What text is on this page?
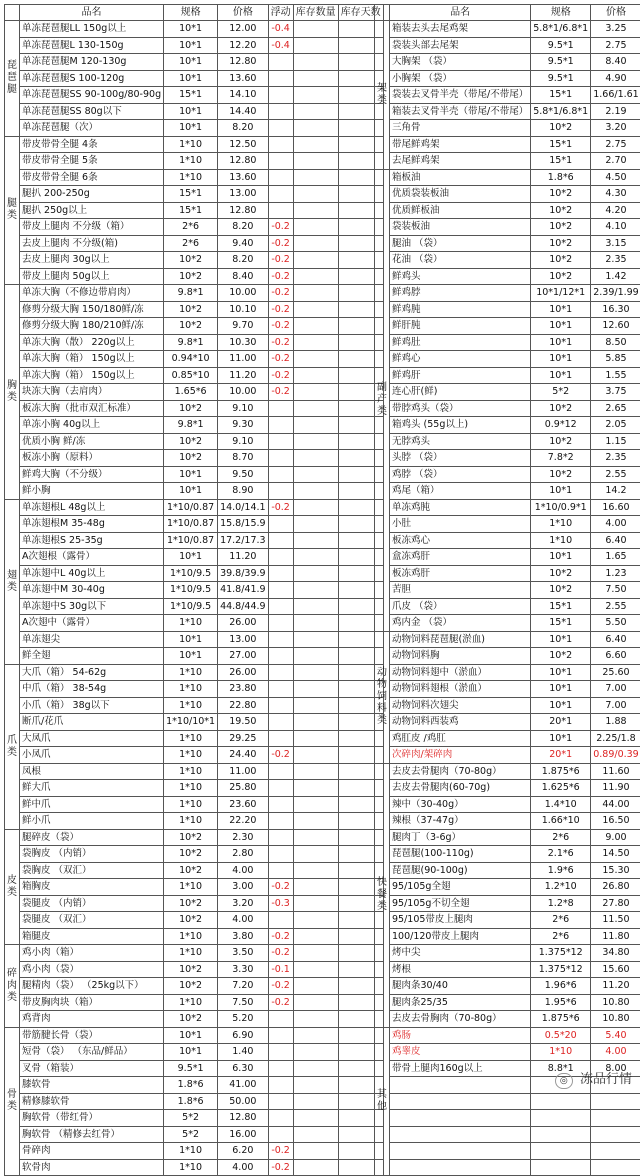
	品名	规格	价格	浮动	库存数量	库存天数
琵琶腿	单冻琵琶腿LL 150g以上	10*1	12.00	-0.4		
	单冻琵琶腿L 130-150g	10*1	12.20	-0.4		
	单冻琵琶腿M 120-130g	10*1	12.80			
	单冻琵琶腿S 100-120g	10*1	13.60			
	单冻琵琶腿SS 90-100g/80-90g	15*1	14.10			
	单冻琵琶腿SS 80g以下	10*1	14.40			
	单冻琵琶腿（次）	10*1	8.20			
腿类	带皮带骨全腿 4条	1*10	12.50			
	带皮带骨全腿 5条	1*10	12.80			
	带皮带骨全腿 6条	1*10	13.60			
	腿扒 200-250g	15*1	13.00			
	腿扒 250g以上	15*1	12.80			
	带皮上腿肉 不分级（箱）	2*6	8.20	-0.2		
	去皮上腿肉 不分级(箱)	2*6	9.40	-0.2		
	去皮上腿肉 30g以上	10*2	8.20	-0.2		
	带皮上腿肉 50g以上	10*2	8.40	-0.2		
胸类	单冻大胸（不修边带肩肉）	9.8*1	10.00	-0.2		
	修剪分级大胸 150/180鲜/冻	10*2	10.10	-0.2		
	修剪分级大胸 180/210鲜/冻	10*2	9.70	-0.2		
	单冻大胸（散） 220g以上	9.8*1	10.30	-0.2		
	单冻大胸（箱） 150g以上	0.94*10	11.00	-0.2		
	单冻大胸（箱） 150g以上	0.85*10	11.20	-0.2		
	块冻大胸（去肩肉）	1.65*6	10.00	-0.2		
	板冻大胸（批市双汇标准）	10*2	9.10			
	单冻小胸 40g以上	9.8*1	9.30			
	优质小胸 鲜/冻	10*2	9.10			
	板冻小胸（原料）	10*2	8.70			
	鲜鸡大胸（不分级）	10*1	9.50			
	鲜小胸	10*1	8.90			
翅类	单冻翅根L 48g以上	1*10/0.87	14.0/14.1	-0.2		
	单冻翅根M 35-48g	1*10/0.87	15.8/15.9			
	单冻翅根S 25-35g	1*10/0.87	17.2/17.3			
	A次翅根（露骨）	10*1	11.20			
	单冻翅中L 40g以上	1*10/9.5	39.8/39.9			
	单冻翅中M 30-40g	1*10/9.5	41.8/41.9			
	单冻翅中S 30g以下	1*10/9.5	44.8/44.9			
	A次翅中（露骨）	1*10	26.00			
	单冻翅尖	10*1	13.00			
	鲜全翅	10*1	27.00			
爪类	大爪（箱） 54-62g	1*10	26.00			
	中爪（箱） 38-54g	1*10	23.80			
	小爪（箱） 38g以下	1*10	22.80			
	断爪/花爪	1*10/10*1	19.50			
	大凤爪	1*10	29.25			
	小凤爪	1*10	24.40	-0.2		
	凤根	1*10	11.00			
	鲜大爪	1*10	25.80			
	鲜中爪	1*10	23.60			
	鲜小爪	1*10	22.20			
皮类	腿碎皮（袋）	10*2	2.30			
	袋胸皮 （内销）	10*2	2.80			
	袋胸皮 （双汇）	10*2	4.00			
	箱胸皮	1*10	3.00	-0.2		
	袋腿皮 （内销）	10*2	3.20	-0.3		
	袋腿皮 （双汇）	10*2	4.00			
	箱腿皮	1*10	3.80	-0.2		
碎肉类	鸡小肉（箱）	1*10	3.50	-0.2		
	鸡小肉（袋）	10*2	3.30	-0.1		
	腿精肉（袋） （25kg以下）	10*2	7.20	-0.2		
	带皮胸肉块（箱）	1*10	7.50	-0.2		
	鸡背肉	10*2	5.20			
骨类	带筋腱长骨（袋）	10*1	6.90			
	短骨（袋） （东品/鲜品）	10*1	1.40			
	叉骨（箱装）	9.5*1	6.30			
	膝软骨	1.8*6	41.00			
	精修膝软骨	1.8*6	50.00			
	胸软骨（带红骨）	5*2	12.80			
	胸软骨 （精修去红骨）	5*2	16.00			
	骨碎肉	1*10	6.20	-0.2		
	软骨肉	1*10	4.00	-0.2		
	品名	规格	价格
架类	箱装去头去尾鸡架	5.8*1/6.8*1	3.25
	袋装头部去尾架	9.5*1	2.75
	大胸架 （袋）	9.5*1	8.40
	小胸架 （袋）	9.5*1	4.90
	袋装去叉骨半壳（带尾/不带尾）	15*1	1.66/1.61
	箱装去叉骨半壳（带尾/不带尾）	5.8*1/6.8*1	2.19
	三角骨	10*2	3.20
	带尾鲜鸡架	15*1	2.75
	去尾鲜鸡架	15*1	2.70
副产类	箱板油	1.8*6	4.50
	优质袋装板油	10*2	4.30
	优质鲜板油	10*2	4.20
	袋装板油	10*2	4.10
	腿油 （袋）	10*2	3.15
	花油 （袋）	10*2	2.35
	鲜鸡头	10*2	1.42
	鲜鸡脖	10*1/12*1	2.39/1.99
	鲜鸡肫	10*1	16.30
	鲜肝肫	10*1	12.60
	鲜鸡肚	10*1	8.50
	鲜鸡心	10*1	5.85
	鲜鸡肝	10*1	1.55
	连心肝(鲜)	5*2	3.75
	带脖鸡头（袋）	10*2	2.65
	箱鸡头 (55g以上)	0.9*12	2.05
	无脖鸡头	10*2	1.15
	头脖 （袋）	7.8*2	2.35
	鸡脖 （袋）	10*2	2.55
	鸡尾（箱）	10*1	14.2
	单冻鸡肫	1*10/0.9*1	16.60
	小肚	1*10	4.00
	板冻鸡心	1*10	6.40
	盒冻鸡肝	10*1	1.65
	板冻鸡肝	10*2	1.23
	苦胆	10*2	7.50
	爪皮 （袋）	15*1	2.55
	鸡内金 （袋）	15*1	5.50
动物饲料类	动物饲料琵琶腿(淤血)	10*1	6.40
	动物饲料胸	10*2	6.60
	动物饲料翅中（淤血）	10*1	25.60
	动物饲料翅根（淤血）	10*1	7.00
	动物饲料次翅尖	10*1	7.00
	动物饲料西装鸡	20*1	1.88
	鸡肛皮 /鸡肛	10*1	2.25/1.8
	次碎肉/架碎肉	20*1	0.89/0.39
快餐类	去皮去骨腿肉（70-80g）	1.875*6	11.60
	去皮去骨腿肉(60-70g)	1.625*6	11.90
	辣中（30-40g）	1.4*10	44.00
	辣根（37-47g）	1.66*10	16.50
	腿肉丁（3-6g）	2*6	9.00
	琵琶腿(100-110g)	2.1*6	14.50
	琵琶腿(90-100g)	1.9*6	15.30
	95/105g全翅	1.2*10	26.80
	95/105g不切全翅	1.2*8	27.80
	95/105带皮上腿肉	2*6	11.50
	100/120带皮上腿肉	2*6	11.80
	烤中尖	1.375*12	34.80
	烤根	1.375*12	15.60
	腿肉条30/40	1.96*6	11.20
	腿肉条25/35	1.95*6	10.80
	去皮去骨胸肉（70-80g）	1.875*6	10.80
其他	鸡肠	0.5*20	5.40
	鸡睾皮	1*10	4.00
	带骨上腿肉160g以上	8.8*1	8.00

◎ 冻品行情
